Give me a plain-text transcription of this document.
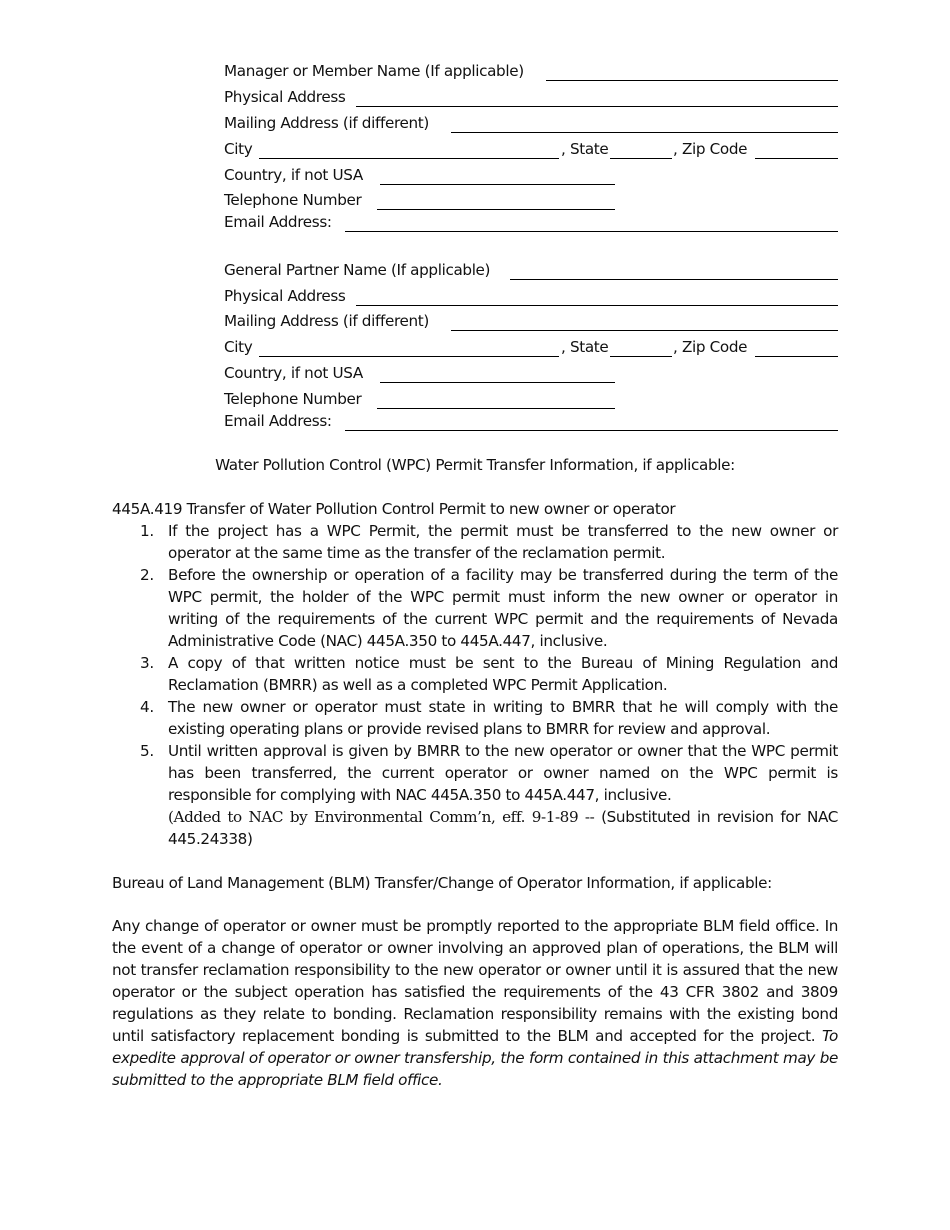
Manager or Member Name (If applicable)
Physical Address
Mailing Address (if different)
City	, State	, Zip Code
Country, if not USA
Telephone Number
Email Address:
General Partner Name (If applicable)
Physical Address
Mailing Address (if different)
City	, State	, Zip Code
Country, if not USA
Telephone Number
Email Address:
Water Pollution Control (WPC) Permit Transfer Information, if applicable:
445A.419 Transfer of Water Pollution Control Permit to new owner or operator
1. If the project has a WPC Permit, the permit must be transferred to the new owner or operator at the same time as the transfer of the reclamation permit.
2. Before the ownership or operation of a facility may be transferred during the term of the WPC permit, the holder of the WPC permit must inform the new owner or operator in writing of the requirements of the current WPC permit and the requirements of Nevada Administrative Code (NAC) 445A.350 to 445A.447, inclusive.
3. A copy of that written notice must be sent to the Bureau of Mining Regulation and Reclamation (BMRR) as well as a completed WPC Permit Application.
4. The new owner or operator must state in writing to BMRR that he will comply with the existing operating plans or provide revised plans to BMRR for review and approval.
5. Until written approval is given by BMRR to the new operator or owner that the WPC permit has been transferred, the current operator or owner named on the WPC permit is responsible for complying with NAC 445A.350 to 445A.447, inclusive.
(Added to NAC by Environmental Comm’n, eff. 9-1-89 -- (Substituted in revision for NAC 445.24338)
Bureau of Land Management (BLM) Transfer/Change of Operator Information, if applicable:
Any change of operator or owner must be promptly reported to the appropriate BLM field office. In the event of a change of operator or owner involving an approved plan of operations, the BLM will not transfer reclamation responsibility to the new operator or owner until it is assured that the new operator or the subject operation has satisfied the requirements of the 43 CFR 3802 and 3809 regulations as they relate to bonding. Reclamation responsibility remains with the existing bond until satisfactory replacement bonding is submitted to the BLM and accepted for the project. To expedite approval of operator or owner transfership, the form contained in this attachment may be submitted to the appropriate BLM field office.
